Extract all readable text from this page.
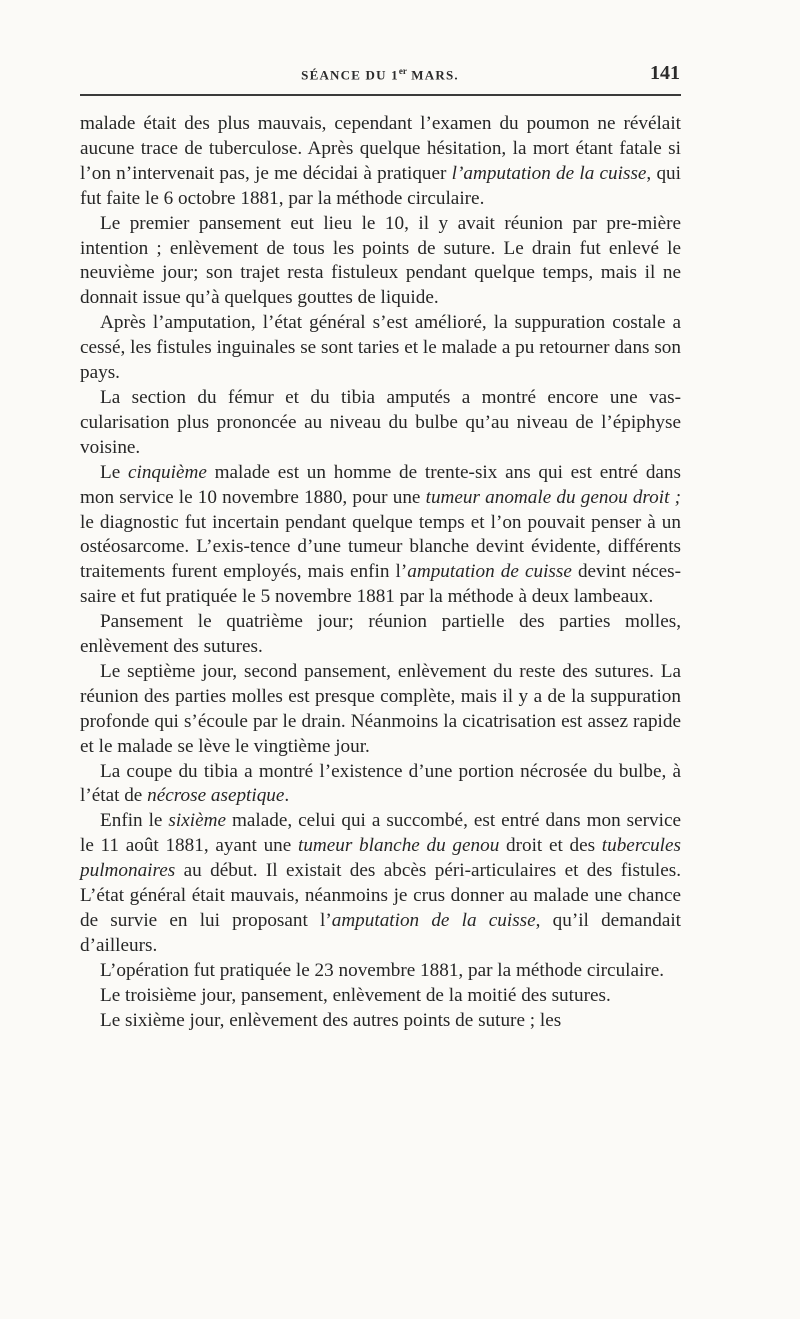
SÉANCE DU 1er MARS.	141

malade était des plus mauvais, cependant l’examen du poumon ne révélait aucune trace de tuberculose. Après quelque hésitation, la mort étant fatale si l’on n’intervenait pas, je me décidai à pratiquer l’amputation de la cuisse, qui fut faite le 6 octobre 1881, par la méthode circulaire.

Le premier pansement eut lieu le 10, il y avait réunion par pre-mière intention ; enlèvement de tous les points de suture. Le drain fut enlevé le neuvième jour; son trajet resta fistuleux pendant quelque temps, mais il ne donnait issue qu’à quelques gouttes de liquide.

Après l’amputation, l’état général s’est amélioré, la suppuration costale a cessé, les fistules inguinales se sont taries et le malade a pu retourner dans son pays.

La section du fémur et du tibia amputés a montré encore une vas-cularisation plus prononcée au niveau du bulbe qu’au niveau de l’épiphyse voisine.

Le cinquième malade est un homme de trente-six ans qui est entré dans mon service le 10 novembre 1880, pour une tumeur anomale du genou droit ; le diagnostic fut incertain pendant quelque temps et l’on pouvait penser à un ostéosarcome. L’exis-tence d’une tumeur blanche devint évidente, différents traitements furent employés, mais enfin l’amputation de cuisse devint néces-saire et fut pratiquée le 5 novembre 1881 par la méthode à deux lambeaux.

Pansement le quatrième jour; réunion partielle des parties molles, enlèvement des sutures.

Le septième jour, second pansement, enlèvement du reste des sutures. La réunion des parties molles est presque complète, mais il y a de la suppuration profonde qui s’écoule par le drain. Néanmoins la cicatrisation est assez rapide et le malade se lève le vingtième jour.

La coupe du tibia a montré l’existence d’une portion nécrosée du bulbe, à l’état de nécrose aseptique.

Enfin le sixième malade, celui qui a succombé, est entré dans mon service le 11 août 1881, ayant une tumeur blanche du genou droit et des tubercules pulmonaires au début. Il existait des abcès péri-articulaires et des fistules. L’état général était mauvais, néanmoins je crus donner au malade une chance de survie en lui proposant l’amputation de la cuisse, qu’il demandait d’ailleurs.

L’opération fut pratiquée le 23 novembre 1881, par la méthode circulaire.

Le troisième jour, pansement, enlèvement de la moitié des sutures.

Le sixième jour, enlèvement des autres points de suture ; les
